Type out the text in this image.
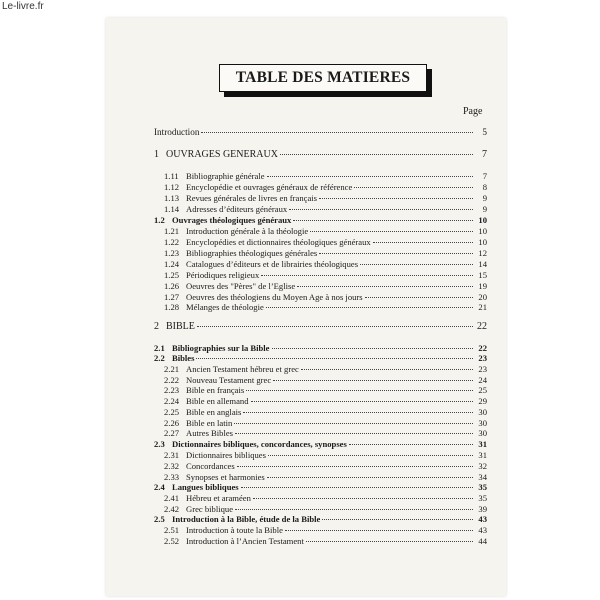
Le-livre.fr
TABLE DES MATIERES
Page
Introduction	5
1 OUVRAGES GENERAUX	7
1.11 Bibliographie générale	7
1.12 Encyclopédie et ouvrages généraux de référence	8
1.13 Revues générales de livres en français	9
1.14 Adresses d’éditeurs généraux	9
1.2 Ouvrages théologiques généraux	10
1.21 Introduction générale à la théologie	10
1.22 Encyclopédies et dictionnaires théologiques généraux	10
1.23 Bibliographies théologiques générales	12
1.24 Catalogues d’éditeurs et de librairies théologiques	14
1.25 Périodiques religieux	15
1.26 Oeuvres des "Pères" de l’Eglise	19
1.27 Oeuvres des théologiens du Moyen Age à nos jours	20
1.28 Mélanges de théologie	21
2 BIBLE	22
2.1 Bibliographies sur la Bible	22
2.2 Bibles	23
2.21 Ancien Testament hébreu et grec	23
2.22 Nouveau Testament grec	24
2.23 Bible en français	25
2.24 Bible en allemand	29
2.25 Bible en anglais	30
2.26 Bible en latin	30
2.27 Autres Bibles	30
2.3 Dictionnaires bibliques, concordances, synopses	31
2.31 Dictionnaires bibliques	31
2.32 Concordances	32
2.33 Synopses et harmonies	34
2.4 Langues bibliques	35
2.41 Hébreu et araméen	35
2.42 Grec biblique	39
2.5 Introduction à la Bible, étude de la Bible	43
2.51 Introduction à toute la Bible	43
2.52 Introduction à l’Ancien Testament	44
